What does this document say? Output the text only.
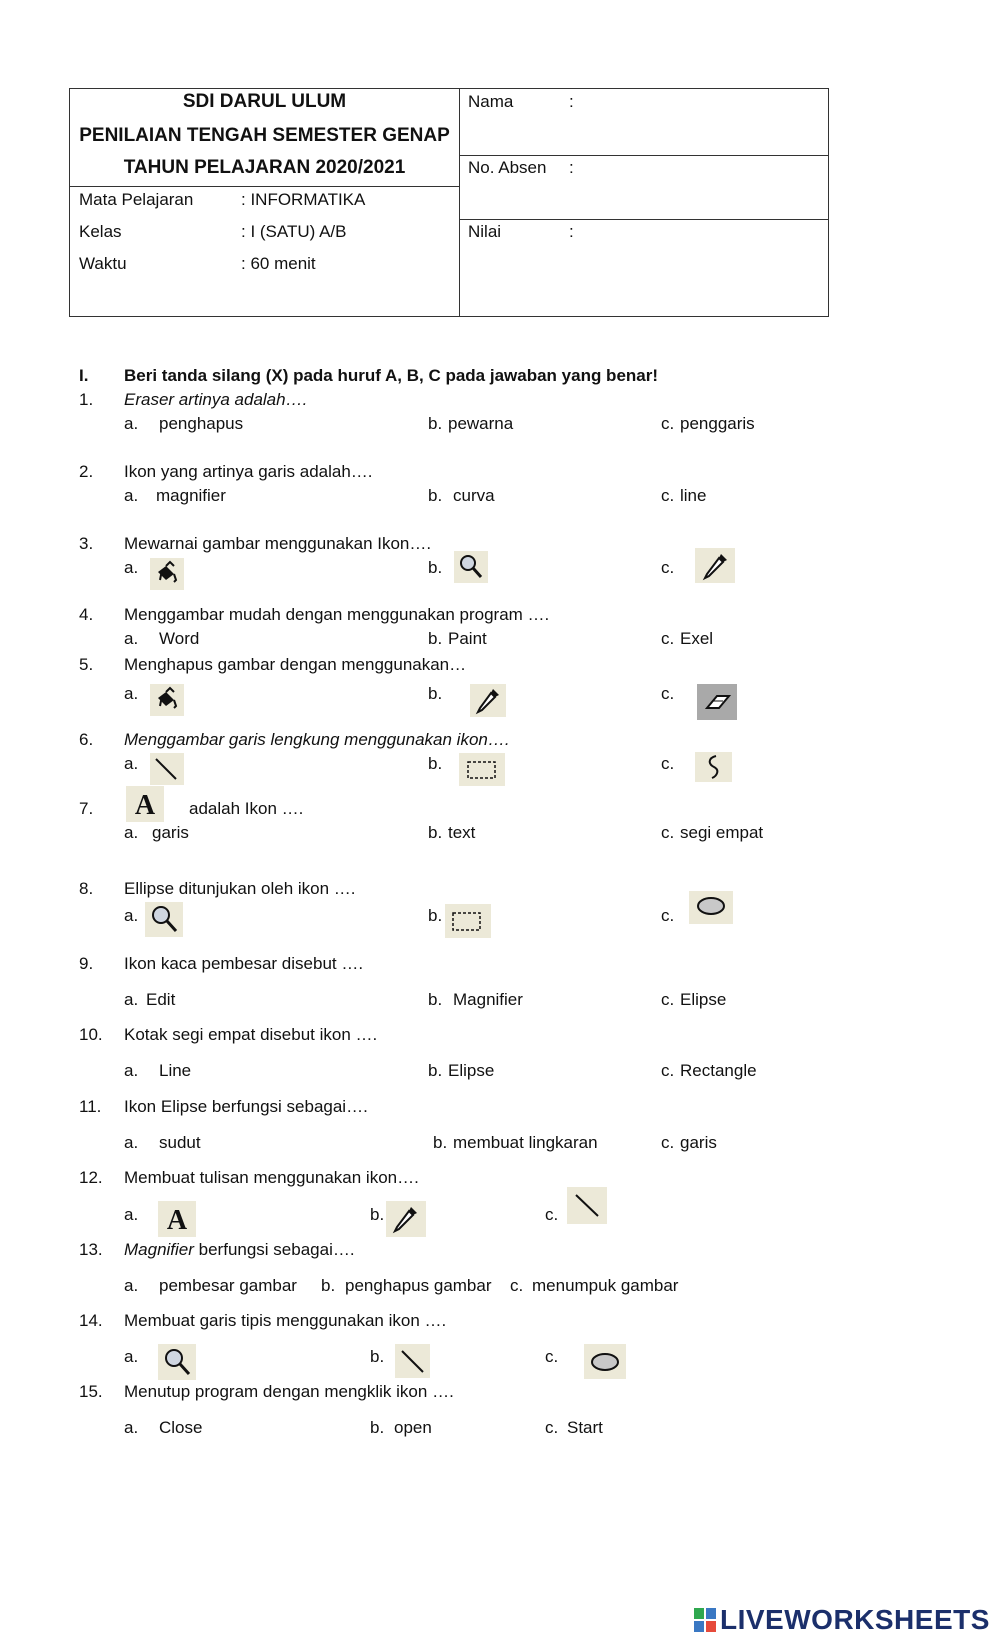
SDI DARUL ULUM
PENILAIAN TENGAH SEMESTER GENAP
TAHUN PELAJARAN 2020/2021
Mata Pelajaran	: INFORMATIKA
Kelas	: I (SATU) A/B
Waktu	: 60 menit
Nama	:
No. Absen :
Nilai	:
I. Beri tanda silang (X) pada huruf A, B, C pada jawaban yang benar!
1. Eraser artinya adalah….
a. penghapus	b. pewarna	c. penggaris
2. Ikon yang artinya garis adalah….
a. magnifier	b. curva	c. line
3. Mewarnai gambar menggunakan Ikon….
a.	b.	c.
4. Menggambar mudah dengan menggunakan program ….
a. Word	b. Paint	c. Exel
5. Menghapus gambar dengan menggunakan…
a.	b.	c.
6. Menggambar garis lengkung menggunakan ikon….
a.	b.	c.
7. A adalah Ikon ….
a. garis	b. text	c. segi empat
8. Ellipse ditunjukan oleh ikon ….
a.	b.	c.
9. Ikon kaca pembesar disebut ….
a. Edit	b. Magnifier	c. Elipse
10. Kotak segi empat disebut ikon ….
a. Line	b. Elipse	c. Rectangle
11. Ikon Elipse berfungsi sebagai….
a. sudut	b. membuat lingkaran	c. garis
12. Membuat tulisan menggunakan ikon….
a. A	b.	c.
13. Magnifier berfungsi sebagai….
a. pembesar gambar b. penghapus gambar c. menumpuk gambar
14. Membuat garis tipis menggunakan ikon ….
a.	b.	c.
15. Menutup program dengan mengklik ikon ….
a. Close	b. open	c. Start
LIVEWORKSHEETS
